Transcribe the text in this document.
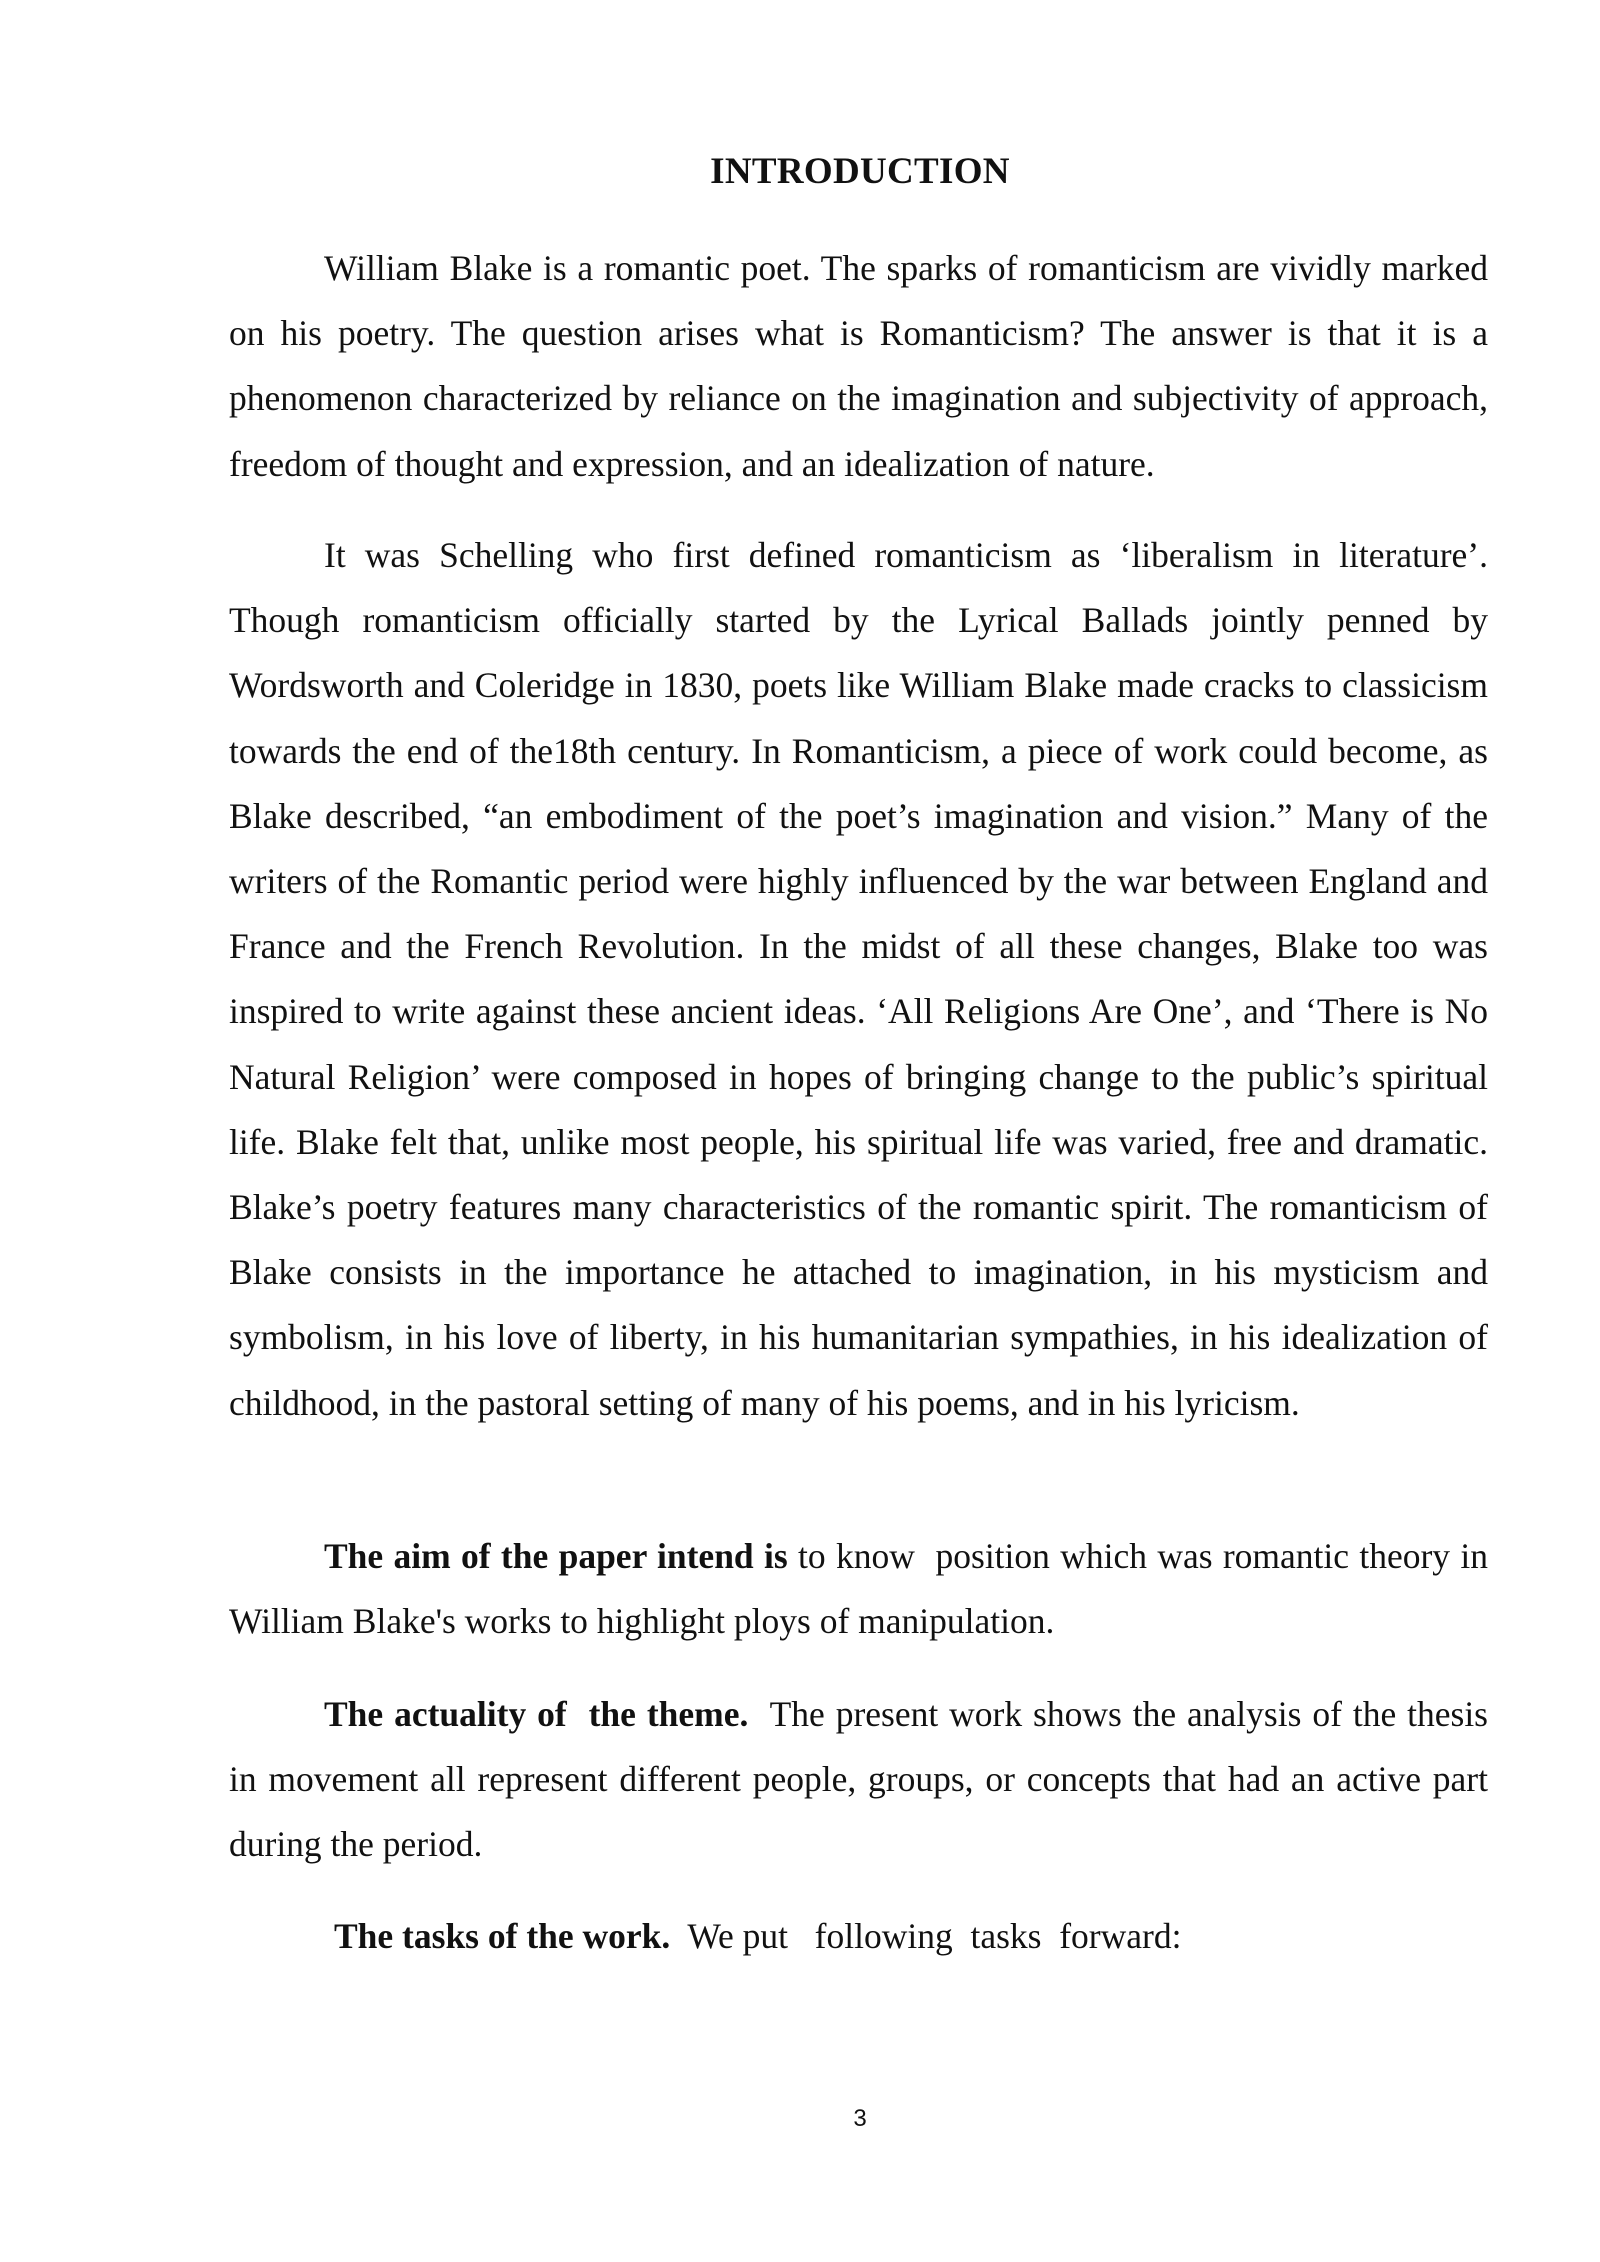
INTRODUCTION

William Blake is a romantic poet. The sparks of romanticism are vividly marked on his poetry. The question arises what is Romanticism? The answer is that it is a phenomenon characterized by reliance on the imagination and subjectivity of approach, freedom of thought and expression, and an idealization of nature.

It was Schelling who first defined romanticism as ‘liberalism in literature’. Though romanticism officially started by the Lyrical Ballads jointly penned by Wordsworth and Coleridge in 1830, poets like William Blake made cracks to classicism towards the end of the18th century. In Romanticism, a piece of work could become, as Blake described, “an embodiment of the poet’s imagination and vision.” Many of the writers of the Romantic period were highly influenced by the war between England and France and the French Revolution. In the midst of all these changes, Blake too was inspired to write against these ancient ideas. ‘All Religions Are One’, and ‘There is No Natural Religion’ were composed in hopes of bringing change to the public’s spiritual life. Blake felt that, unlike most people, his spiritual life was varied, free and dramatic. Blake’s poetry features many characteristics of the romantic spirit. The romanticism of Blake consists in the importance he attached to imagination, in his mysticism and symbolism, in his love of liberty, in his humanitarian sympathies, in his idealization of childhood, in the pastoral setting of many of his poems, and in his lyricism.

The aim of the paper intend is to know  position which was romantic theory in William Blake's works to highlight ploys of manipulation.

The actuality of  the theme.  The present work shows the analysis of the thesis in movement all represent different people, groups, or concepts that had an active part during the period.

The tasks of the work.  We put   following  tasks  forward:

3
